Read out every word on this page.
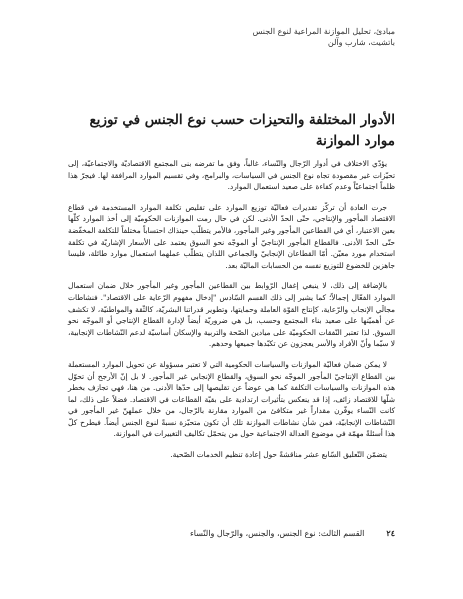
مبادئ، تحليل الموازنة المراعية لنوع الجنس
باتشيت، شارب وآلن
الأدوار المختلفة والتحيزات حسب نوع الجنس في توزيع موارد الموازنة

يؤدّي الاختلاف في أدوار الرّجال والنّساء، غالباً، وفق ما تفرضه بنى المجتمع الاقتصاديّة والاجتماعيّة، إلى تحيّزات غير مقصودة تجاه نوع الجنس في السياسات، والبرامج، وفي تقسيم الموارد المرافقة لها. فيجرّ هذا ظلماً اجتماعيّاً وعدم كفاءة على صعيد استعمال الموارد.

جرت العادة أن تركّز تقديرات فعاليّة توزيع الموارد على تقليص تكلفة الموارد المستخدمة في قطاع الاقتصاد المأجور والإنتاجي، حتّى الحدّ الأدنى. لكن في حال رمت الموازنات الحكوميّة إلى أخذ الموارد كلّها بعين الاعتبار، أي في القطاعين المأجور وغير المأجور، فالأمر يتطلّب حينذاك احتساباً مختلفاً للتكلفة المخفّضة حتّى الحدّ الأدنى. فالقطاع المأجور الإنتاجيّ أو الموجّه نحو السوق يعتمد على الأسعار الإشاريّة في تكلفة استخدام مورد معيّن. أمّا القطاعان الإنجابيّ والجماعي اللذان يتطلّب عملهما استعمال موارد طائلة، فليسا جاهزين للخضوع للتوزيع نفسه من الحسابات الماليّة بعد.

بالإضافة إلى ذلك، لا ينبغي إغفال الرّوابط بين القطاعين المأجور وغير المأجور خلال ضمان استعمال الموارد الفعّال إجمالاً؛ كما يشير إلى ذلك القسم السّادس "إدخال مفهوم الرّعاية على الاقتصاد". فنشاطات مجالَي الإنجاب والرّعاية، كإنتاج القوّة العاملة وحمايتها، وتطوير قدراتنا البشريّة، كالثّقة والمواطنيّة، لا تكشف عن أهميّتها على صعيد بناء المجتمع وحسب، بل هي ضروريّة أيضاً لإدارة القطاع الإنتاجي أو الموجّه نحو السوق. لذا تعتبر النّفقات الحكوميّة على ميادين الصّحة والتربية والإسكان أساسيّة لدعم النّشاطات الإنجابية، لا سيّما وأنّ الأفراد والأسر يعجزون عن تكبّدها جميعها وحدهم.

لا يمكن ضمان فعاليّة الموازنات والسياسات الحكومية التي لا تعتبر مسؤولة عن تحويل الموارد المستعملة بين القطاع الإنتاجيّ المأجور الموجّه نحو السوق، والقطاع الإنجابي غير المأجور. لا بل إنّ الأرجح أن تحوّل هذه الموازنات والسياسات التكلفة كما هي عوضاً عن تقليصها إلى حدّها الأدنى. من هنا، فهي تجازف بخطر شلّها للاقتصاد زائف، إذا قد ينعكس بتأثيرات ارتدادية على بقيّة القطاعات في الاقتصاد. فضلاً على ذلك، لما كانت النّساء يوفّرن مقداراً غير متكافئ من الموارد مقارنة بالرّجال، من خلال عملهنّ غير المأجور في النّشاطات الإنجابيّة، فمن شأن نشاطات الموازنة تلك أن تكون متحيّزة نسبةً لنوع الجنس أيضاً. فيطرح كلّ هذا أسئلةً مهمّة في موضوع العدالة الاجتماعية حول من يتحمّل تكاليف التغييرات في الموازنة.

يتضمّن التّعليق السّابع عشر مناقشةً حول إعادة تنظيم الخدمات الصّحية.

٢٤
القسم الثالث: نوع الجنس، والجنس، والرّجال والنّساء
